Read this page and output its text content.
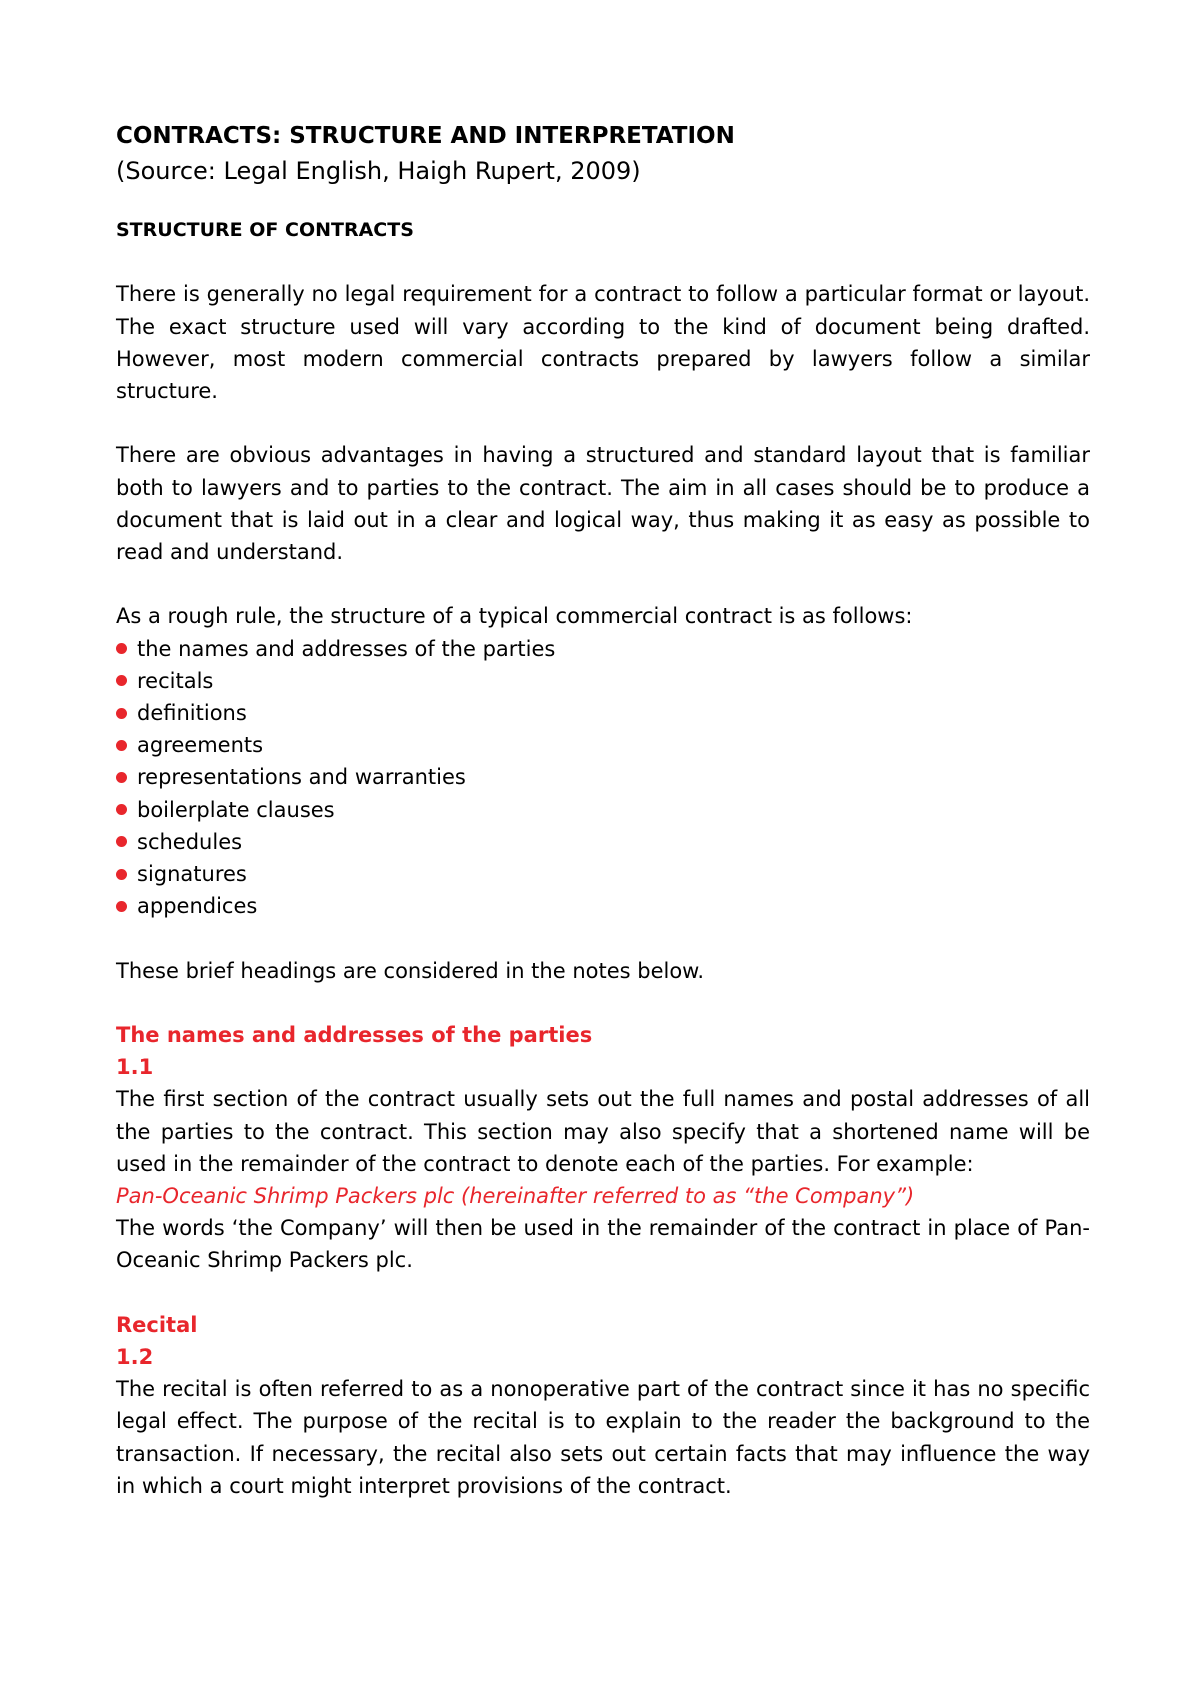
CONTRACTS: STRUCTURE AND INTERPRETATION

(Source: Legal English, Haigh Rupert, 2009)

STRUCTURE OF CONTRACTS

There is generally no legal requirement for a contract to follow a particular format or layout. The exact structure used will vary according to the kind of document being drafted. However, most modern commercial contracts prepared by lawyers follow a similar structure.

There are obvious advantages in having a structured and standard layout that is familiar both to lawyers and to parties to the contract. The aim in all cases should be to produce a document that is laid out in a clear and logical way, thus making it as easy as possible to read and understand.

As a rough rule, the structure of a typical commercial contract is as follows:

the names and addresses of the parties
recitals
definitions
agreements
representations and warranties
boilerplate clauses
schedules
signatures
appendices

These brief headings are considered in the notes below.

The names and addresses of the parties

1.1

The first section of the contract usually sets out the full names and postal addresses of all the parties to the contract. This section may also specify that a shortened name will be used in the remainder of the contract to denote each of the parties. For example:

Pan-Oceanic Shrimp Packers plc (hereinafter referred to as “the Company”)

The words ‘the Company’ will then be used in the remainder of the contract in place of Pan-Oceanic Shrimp Packers plc.

Recital

1.2

The recital is often referred to as a nonoperative part of the contract since it has no specific legal effect. The purpose of the recital is to explain to the reader the background to the transaction. If necessary, the recital also sets out certain facts that may influence the way in which a court might interpret provisions of the contract.
